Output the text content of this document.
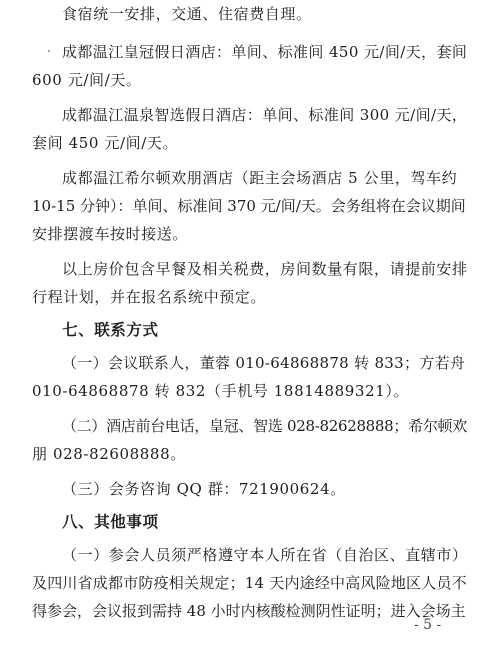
食宿统一安排，交通、住宿费自理。
成都温江皇冠假日酒店：单间、标准间 450 元/间/天，套间
600 元/间/天。
成都温江温泉智选假日酒店：单间、标准间 300 元/间/天，
套间 450 元/间/天。
成都温江希尔顿欢朋酒店（距主会场酒店 5 公里，驾车约
10-15 分钟）：单间、标准间 370 元/间/天。会务组将在会议期间
安排摆渡车按时接送。
以上房价包含早餐及相关税费，房间数量有限，请提前安排
行程计划，并在报名系统中预定。
七、联系方式
（一）会议联系人，董蓉 010-64868878 转 833；方若舟
010-64868878 转 832（手机号 18814889321）。
（二）酒店前台电话，皇冠、智选 028-82628888；希尔顿欢
朋 028-82608888。
（三）会务咨询 QQ 群：721900624。
八、其他事项
（一）参会人员须严格遵守本人所在省（自治区、直辖市）
及四川省成都市防疫相关规定；14 天内途经中高风险地区人员不
得参会，会议报到需持 48 小时内核酸检测阴性证明；进入会场主
- 5 -
